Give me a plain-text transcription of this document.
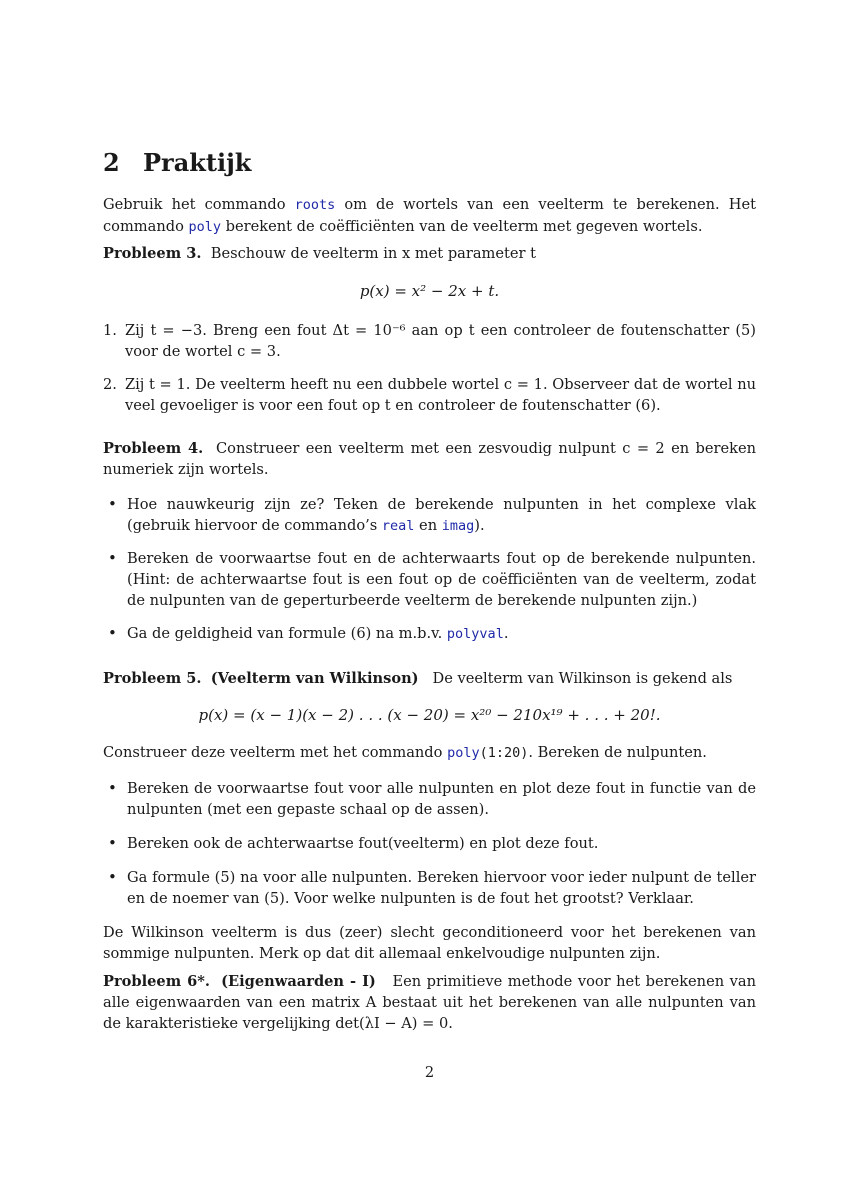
2 Praktijk
Gebruik het commando roots om de wortels van een veelterm te berekenen. Het commando poly berekent de coëfficiënten van de veelterm met gegeven wortels.
Probleem 3. Beschouw de veelterm in x met parameter t
p(x) = x² − 2x + t.
1. Zij t = −3. Breng een fout Δt = 10⁻⁶ aan op t een controleer de foutenschatter (5) voor de wortel c = 3.
2. Zij t = 1. De veelterm heeft nu een dubbele wortel c = 1. Observeer dat de wortel nu veel gevoeliger is voor een fout op t en controleer de foutenschatter (6).
Probleem 4. Construeer een veelterm met een zesvoudig nulpunt c = 2 en bereken numeriek zijn wortels.
• Hoe nauwkeurig zijn ze? Teken de berekende nulpunten in het complexe vlak (gebruik hiervoor de commando’s real en imag).
• Bereken de voorwaartse fout en de achterwaarts fout op de berekende nulpunten. (Hint: de achterwaartse fout is een fout op de coëfficiënten van de veelterm, zodat de nulpunten van de geperturbeerde veelterm de berekende nulpunten zijn.)
• Ga de geldigheid van formule (6) na m.b.v. polyval.
Probleem 5. (Veelterm van Wilkinson) De veelterm van Wilkinson is gekend als
p(x) = (x − 1)(x − 2) . . . (x − 20) = x²⁰ − 210x¹⁹ + . . . + 20!.
Construeer deze veelterm met het commando poly(1:20). Bereken de nulpunten.
• Bereken de voorwaartse fout voor alle nulpunten en plot deze fout in functie van de nulpunten (met een gepaste schaal op de assen).
• Bereken ook de achterwaartse fout(veelterm) en plot deze fout.
• Ga formule (5) na voor alle nulpunten. Bereken hiervoor voor ieder nulpunt de teller en de noemer van (5). Voor welke nulpunten is de fout het grootst? Verklaar.
De Wilkinson veelterm is dus (zeer) slecht geconditioneerd voor het berekenen van sommige nulpunten. Merk op dat dit allemaal enkelvoudige nulpunten zijn.
Probleem 6*. (Eigenwaarden - I) Een primitieve methode voor het berekenen van alle eigenwaarden van een matrix A bestaat uit het berekenen van alle nulpunten van de karakteristieke vergelijking det(λI − A) = 0.
2
